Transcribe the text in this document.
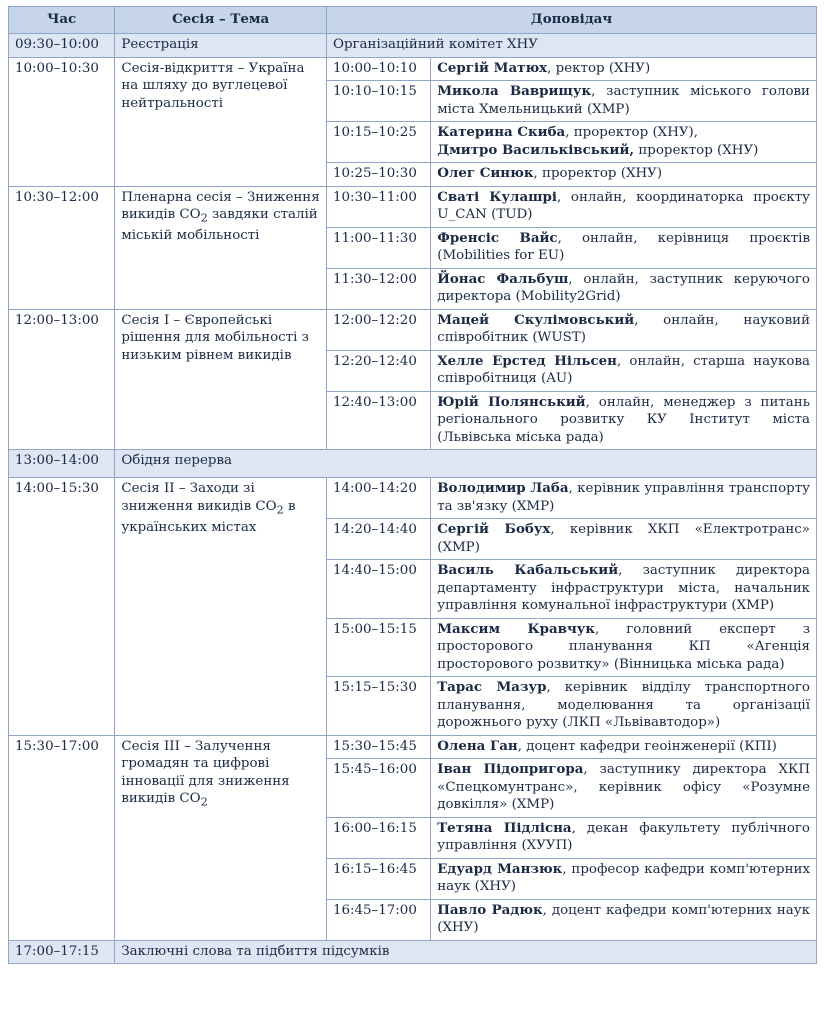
Час	Сесія – Тема	Доповідач	
09:30–10:00	Реєстрація	Організаційний комітет ХНУ	
10:00–10:30	Сесія-відкриття – Україна на шляху до вуглецевої нейтральності	10:00–10:10	Сергій Матюх, ректор (ХНУ)
		10:10–10:15	Микола Ваврищук, заступник міського голови міста Хмельницький (ХМР)
		10:15–10:25	Катерина Скиба, проректор (ХНУ),
Дмитро Васильківський, проректор (ХНУ)
		10:25–10:30	Олег Синюк, проректор (ХНУ)
10:30–12:00	Пленарна сесія – Зниження викидів $CO_2$ завдяки сталій міській мобільності	10:30–11:00	Сваті Кулашрі, онлайн, координаторка проєкту U_CAN (TUD)
		11:00–11:30	Френсіс Вайс, онлайн, керівниця проєктів (Mobilities for EU)
		11:30–12:00	Йонас Фальбуш, онлайн, заступник керуючого директора (Mobility2Grid)
12:00–13:00	Сесія І – Європейські рішення для мобільності з низьким рівнем викидів	12:00–12:20	Мацей Скулімовський, онлайн, науковий співробітник (WUST)
		12:20–12:40	Хелле Ерстед Нільсен, онлайн, старша наукова співробітниця (AU)
		12:40–13:00	Юрій Полянський, онлайн, менеджер з питань регіонального розвитку КУ Інститут міста (Львівська міська рада)
13:00–14:00	Обідня перерва		
14:00–15:30	Сесія ІІ – Заходи зі зниження викидів $CO_2$ в українських містах	14:00–14:20	Володимир Лаба, керівник управління транспорту та зв'язку (ХМР)
		14:20–14:40	Сергій Бобух, керівник ХКП «Електротранс» (ХМР)
		14:40–15:00	Василь Кабальський, заступник директора департаменту інфраструктури міста, начальник управління комунальної інфраструктури (ХМР)
		15:00–15:15	Максим Кравчук, головний експерт з просторового планування КП «Агенція просторового розвитку» (Вінницька міська рада)
		15:15–15:30	Тарас Мазур, керівник відділу транспортного планування, моделювання та організації дорожнього руху (ЛКП «Львівавтодор»)
15:30–17:00	Сесія ІІІ – Залучення громадян та цифрові інновації для зниження викидів $CO_2$	15:30–15:45	Олена Ган, доцент кафедри геоінженерії (КПІ)
		15:45–16:00	Іван Підопригора, заступнику директора ХКП «Спецкомунтранс», керівник офісу «Розумне довкілля» (ХМР)
		16:00–16:15	Тетяна Підлісна, декан факультету публічного управління (ХУУП)
		16:15–16:45	Едуард Манзюк, професор кафедри комп'ютерних наук (ХНУ)
		16:45–17:00	Павло Радюк, доцент кафедри комп'ютерних наук (ХНУ)
17:00–17:15	Заключні слова та підбиття підсумків		
